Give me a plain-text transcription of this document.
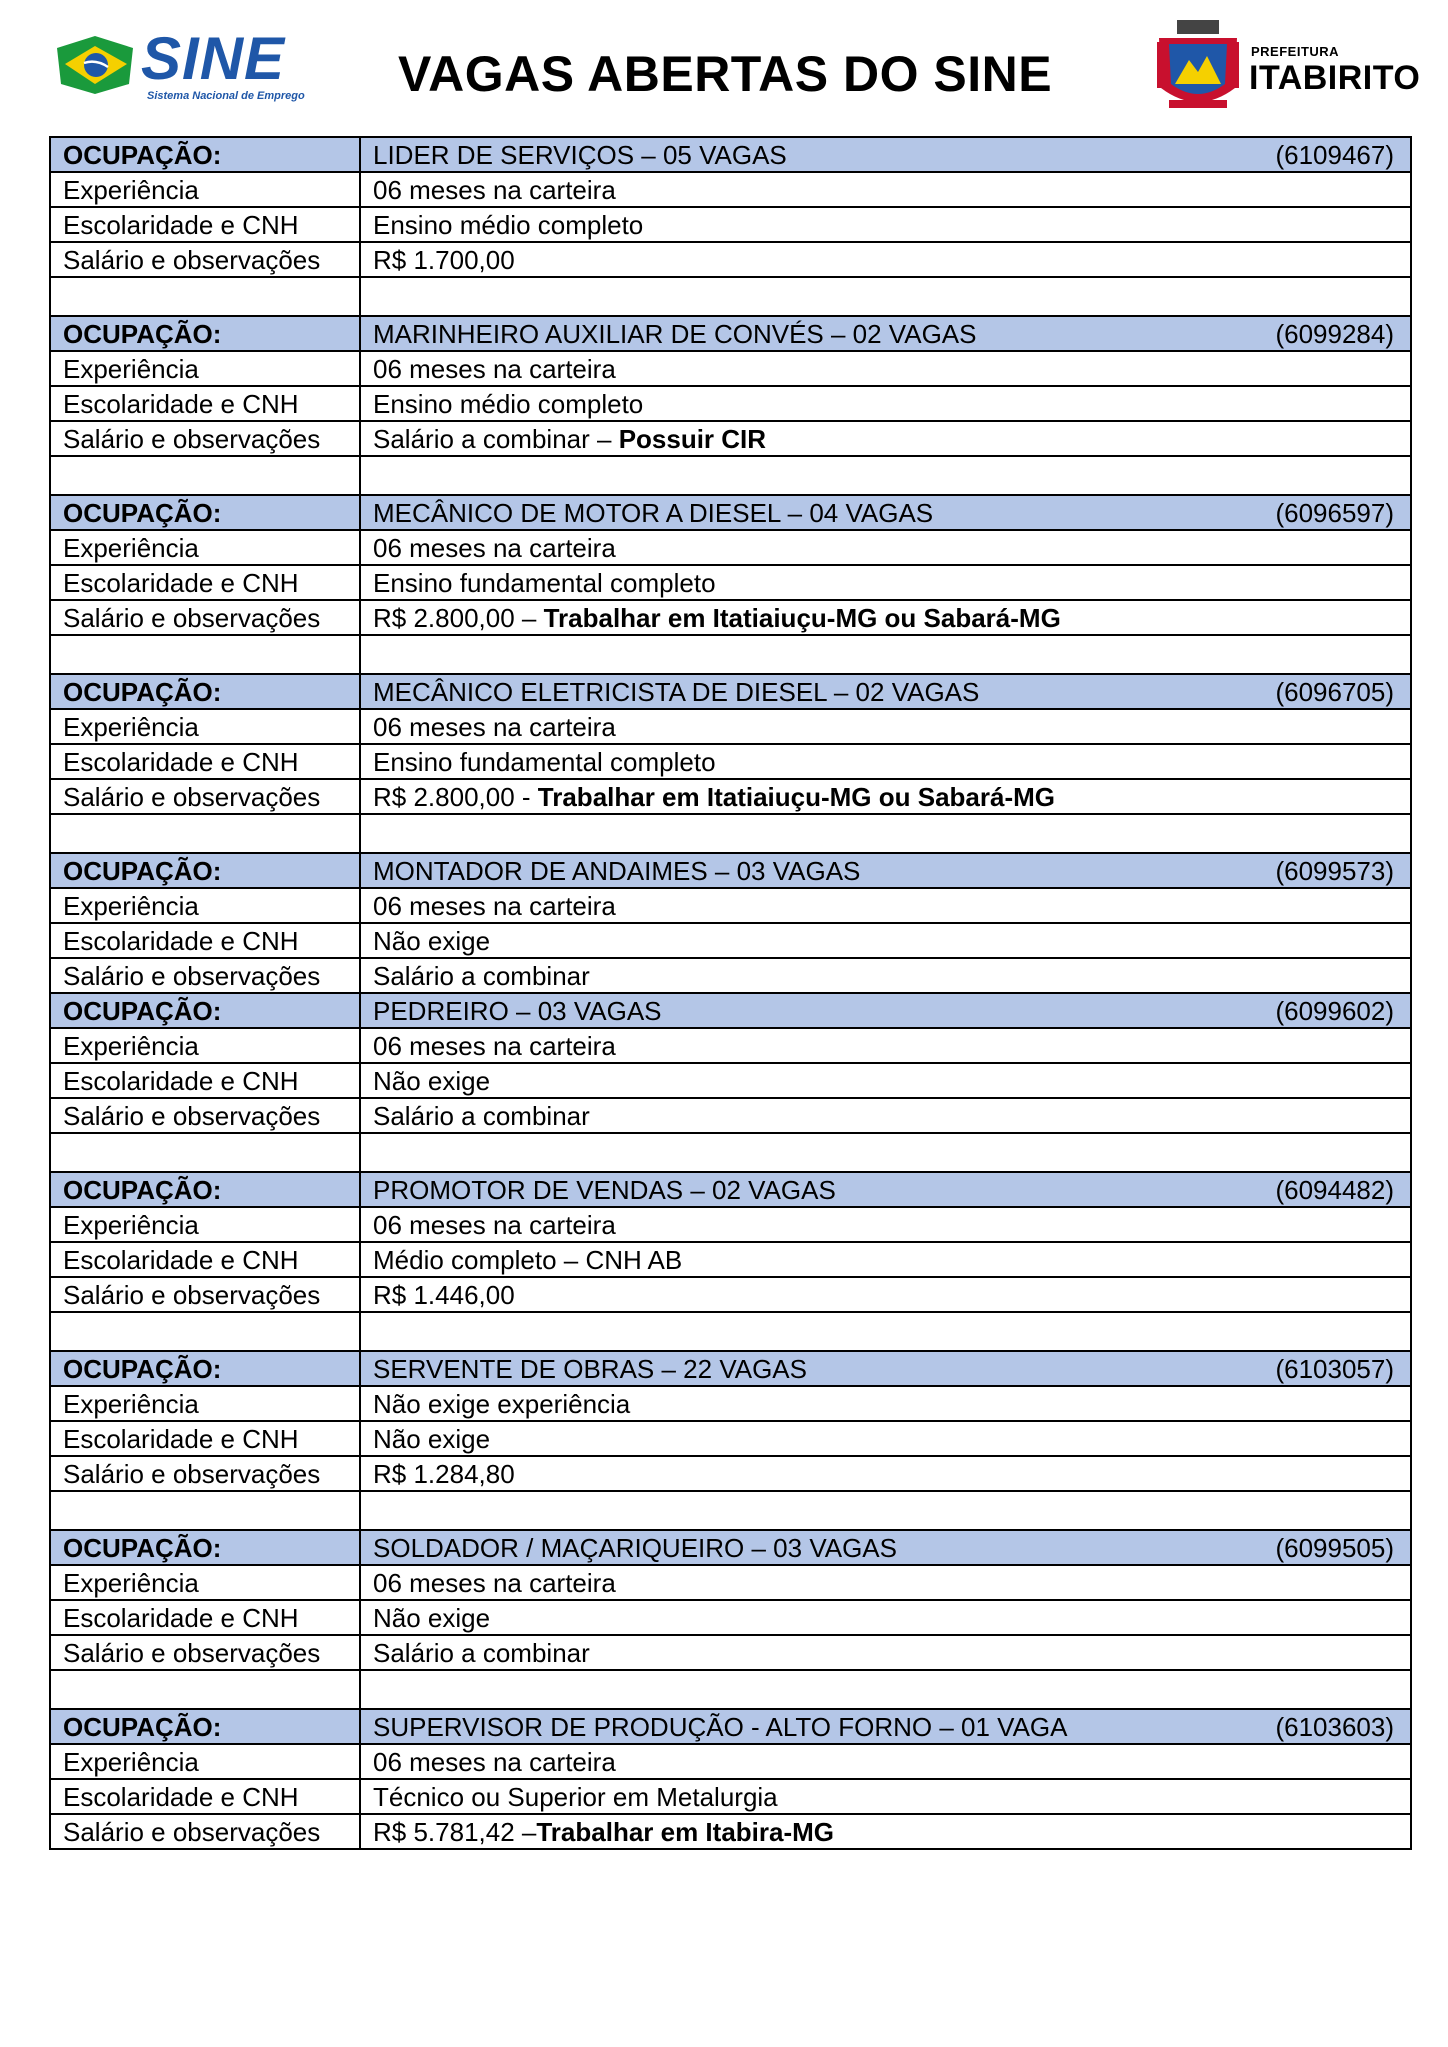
SINE
Sistema Nacional de Emprego VAGAS ABERTAS DO SINE	PREFEITURA
ITABIRITO
OCUPAÇÃO:	LIDER DE SERVIÇOS – 05 VAGAS (6109467)

Experiência	06 meses na carteira
Escolaridade e CNH	Ensino médio completo
Salário e observações	R$ 1.700,00

OCUPAÇÃO:	MARINHEIRO AUXILIAR DE CONVÉS – 02 VAGAS (6099284)

Experiência	06 meses na carteira
Escolaridade e CNH	Ensino médio completo
Salário e observações	Salário a combinar – Possuir CIR

OCUPAÇÃO:	MECÂNICO DE MOTOR A DIESEL – 04 VAGAS (6096597)

Experiência	06 meses na carteira
Escolaridade e CNH	Ensino fundamental completo
Salário e observações	R$ 2.800,00 – Trabalhar em Itatiaiuçu-MG ou Sabará-MG

OCUPAÇÃO:	MECÂNICO ELETRICISTA DE DIESEL – 02 VAGAS (6096705)

Experiência	06 meses na carteira
Escolaridade e CNH	Ensino fundamental completo
Salário e observações	R$ 2.800,00 - Trabalhar em Itatiaiuçu-MG ou Sabará-MG

OCUPAÇÃO:	MONTADOR DE ANDAIMES – 03 VAGAS (6099573)

Experiência	06 meses na carteira
Escolaridade e CNH	Não exige
Salário e observações	Salário a combinar
OCUPAÇÃO:	PEDREIRO – 03 VAGAS (6099602)

Experiência	06 meses na carteira
Escolaridade e CNH	Não exige
Salário e observações	Salário a combinar

OCUPAÇÃO:	PROMOTOR DE VENDAS – 02 VAGAS (6094482)

Experiência	06 meses na carteira
Escolaridade e CNH	Médio completo – CNH AB
Salário e observações	R$ 1.446,00

OCUPAÇÃO:	SERVENTE DE OBRAS – 22 VAGAS (6103057)

Experiência	Não exige experiência
Escolaridade e CNH	Não exige
Salário e observações	R$ 1.284,80

OCUPAÇÃO:	SOLDADOR / MAÇARIQUEIRO – 03 VAGAS (6099505)

Experiência	06 meses na carteira
Escolaridade e CNH	Não exige
Salário e observações	Salário a combinar

OCUPAÇÃO:	SUPERVISOR DE PRODUÇÃO - ALTO FORNO – 01 VAGA (6103603)

Experiência	06 meses na carteira
Escolaridade e CNH	Técnico ou Superior em Metalurgia
Salário e observações	R$ 5.781,42 –Trabalhar em Itabira-MG
